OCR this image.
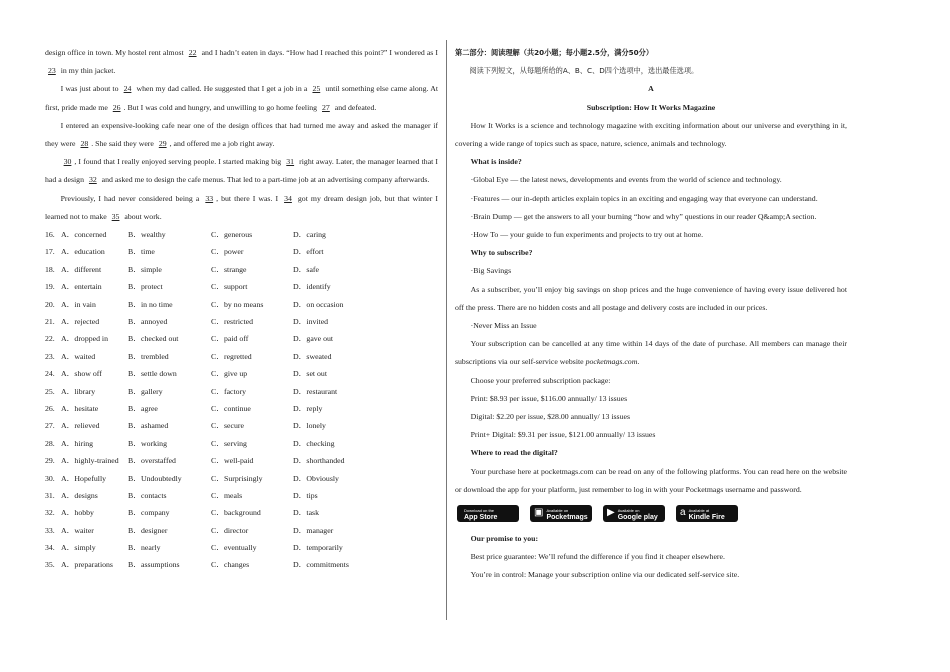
design office in town. My hostel rent almost 22 and I hadn’t eaten in days. “How had I reached this point?” I wondered as I 23 in my thin jacket.

I was just about to 24 when my dad called. He suggested that I get a job in a 25 until something else came along. At first, pride made me 26 . But I was cold and hungry, and unwilling to go home feeling 27 and defeated.

I entered an expensive-looking cafe near one of the design offices that had turned me away and asked the manager if they were 28 . She said they were 29 , and offered me a job right away.

30 , I found that I really enjoyed serving people. I started making big 31 right away. Later, the manager learned that I had a design 32 and asked me to design the cafe menus. That led to a part-time job at an advertising company afterwards.

Previously, I had never considered being a 33 , but there I was. I 34 got my dream design job, but that winter I learned not to make 35 about work.

16. A．concerned	B．wealthy	C．generous	D．caring
17. A．education	B．time	C．power	D．effort
18. A．different	B．simple	C．strange	D．safe
19. A．entertain	B．protect	C．support	D．identify
20. A．in vain	B．in no time	C．by no means	D．on occasion
21. A．rejected	B．annoyed	C．restricted	D．invited
22. A．dropped in	B．checked out	C．paid off	D．gave out
23. A．waited	B．trembled	C．regretted	D．sweated
24. A．show off	B．settle down	C．give up	D．set out
25. A．library	B．gallery	C．factory	D．restaurant
26. A．hesitate	B．agree	C．continue	D．reply
27. A．relieved	B．ashamed	C．secure	D．lonely
28. A．hiring	B．working	C．serving	D．checking
29. A．highly-trained	B．overstaffed	C．well-paid	D．shorthanded
30. A．Hopefully	B．Undoubtedly	C．Surprisingly	D．Obviously
31. A．designs	B．contacts	C．meals	D．tips
32. A．hobby	B．company	C．background	D．task
33. A．waiter	B．designer	C．director	D．manager
34. A．simply	B．nearly	C．eventually	D．temporarily
35. A．preparations	B．assumptions	C．changes	D．commitments

第二部分：阅读理解（共20小题；每小题2.5分，满分50分）

阅读下列短文，从每题所给的A、B、C、D四个选项中，选出最佳选项。

A

Subscription: How It Works Magazine

How It Works is a science and technology magazine with exciting information about our universe and everything in it, covering a wide range of topics such as space, nature, science, animals and technology.

What is inside?

·Global Eye — the latest news, developments and events from the world of science and technology.

·Features — our in-depth articles explain topics in an exciting and engaging way that everyone can understand.

·Brain Dump — get the answers to all your burning “how and why” questions in our reader Q&amp;A section.

·How To — your guide to fun experiments and projects to try out at home.

Why to subscribe?

·Big Savings

As a subscriber, you’ll enjoy big savings on shop prices and the huge convenience of having every issue delivered hot off the press. There are no hidden costs and all postage and delivery costs are included in our prices.

·Never Miss an Issue

Your subscription can be cancelled at any time within 14 days of the date of purchase. All members can manage their subscriptions via our self-service website pocketmags.com.

Choose your preferred subscription package:

Print: $8.93 per issue, $116.00 annually/ 13 issues

Digital: $2.20 per issue, $28.00 annually/ 13 issues

Print+ Digital: $9.31 per issue, $121.00 annually/ 13 issues

Where to read the digital?

Your purchase here at pocketmags.com can be read on any of the following platforms. You can read here on the website or download the app for your platform, just remember to log in with your Pocketmags username and password.

Download on the
App Store	▣ Available on
Pocketmags ▶ Available on
Google play a Available at
Kindle Fire

Our promise to you:

Best price guarantee: We’ll refund the difference if you find it cheaper elsewhere.

You’re in control: Manage your subscription online via our dedicated self-service site.
